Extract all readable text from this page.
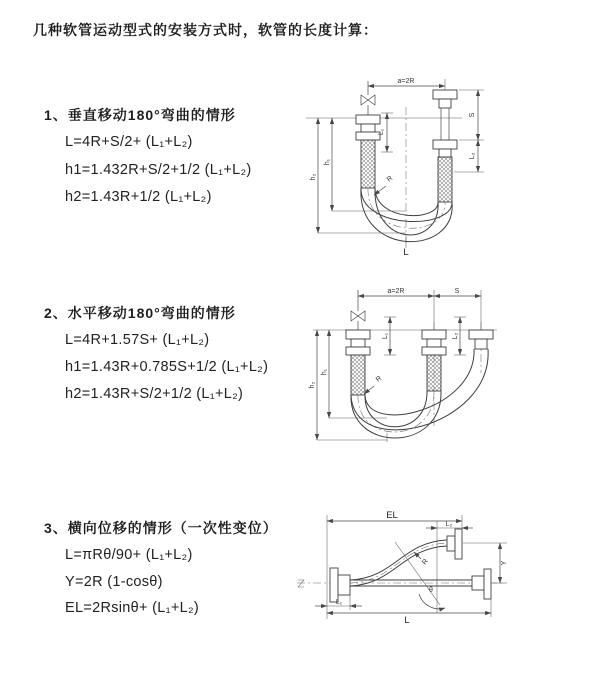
几种软管运动型式的安装方式时，软管的长度计算：
1、垂直移动180°弯曲的情形
L=4R+S/2+ (L₁+L₂)
h1=1.432R+S/2+1/2 (L₁+L₂)
h2=1.43R+1/2 (L₁+L₂)
2、水平移动180°弯曲的情形
L=4R+1.57S+ (L₁+L₂)
h1=1.43R+0.785S+1/2 (L₁+L₂)
h2=1.43R+S/2+1/2 (L₁+L₂)
3、横向位移的情形（一次性变位）
L=πRθ/90+ (L₁+L₂)
Y=2R (1-cosθ)
EL=2Rsinθ+ (L₁+L₂)
a=2R
L₁
S
L₂
h₁
h₂	R
L
a=2R	S
L₁	L₂
h₁
h₂
R
EL
L₂
R
θ
Y
L
L₁
